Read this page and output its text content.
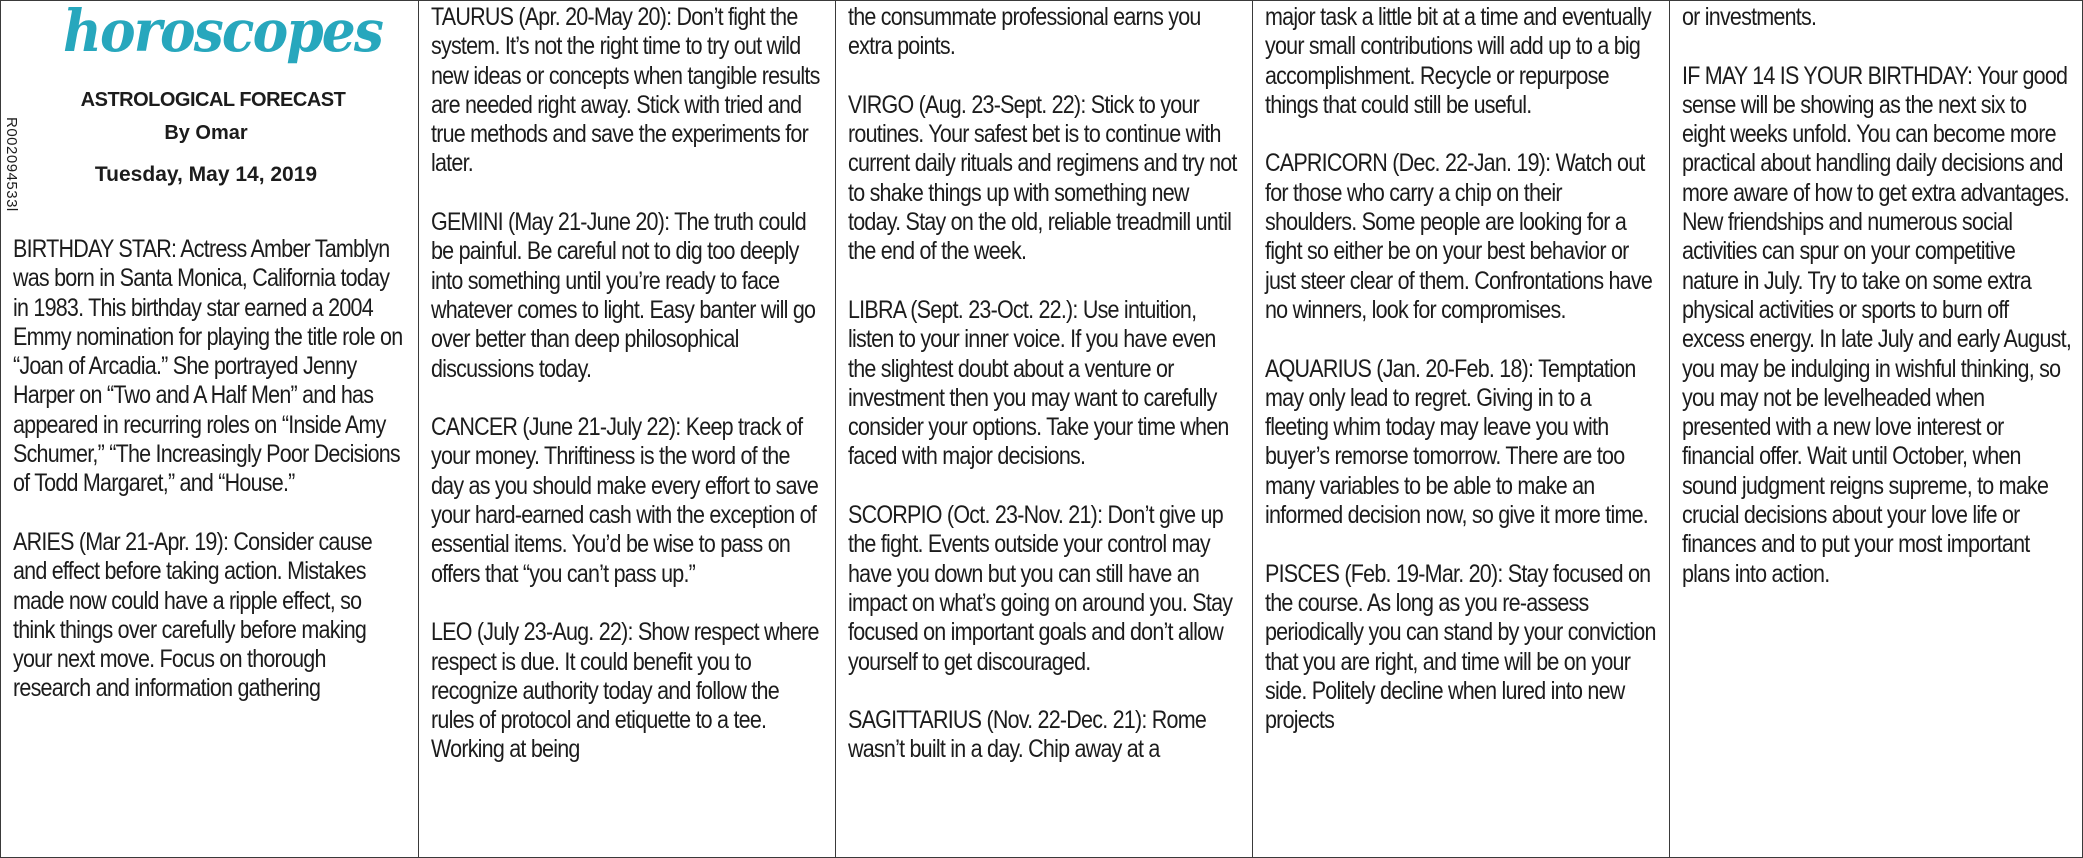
horoscopes
R002094533l
ASTROLOGICAL FORECAST
By Omar
Tuesday, May 14, 2019

BIRTHDAY STAR: Actress Amber Tamblyn was born in Santa Monica, California today in 1983. This birthday star earned a 2004 Emmy nomination for playing the title role on “Joan of Arcadia.” She portrayed Jenny Harper on “Two and A Half Men” and has appeared in recurring roles on “Inside Amy Schumer,” “The Increasingly Poor Decisions of Todd Margaret,” and “House.”

ARIES (Mar 21-Apr. 19): Consider cause and effect before taking action. Mistakes made now could have a ripple effect, so think things over carefully before making your next move. Focus on thorough research and information gathering

TAURUS (Apr. 20-May 20): Don’t fight the system. It’s not the right time to try out wild new ideas or concepts when tangible results are needed right away. Stick with tried and true methods and save the experiments for later.

GEMINI (May 21-June 20): The truth could be painful. Be careful not to dig too deeply into something until you’re ready to face whatever comes to light. Easy banter will go over better than deep philosophical discussions today.

CANCER (June 21-July 22): Keep track of your money. Thriftiness is the word of the day as you should make every effort to save your hard-earned cash with the exception of essential items. You’d be wise to pass on offers that “you can’t pass up.”

LEO (July 23-Aug. 22): Show respect where respect is due. It could benefit you to recognize authority today and follow the rules of protocol and etiquette to a tee. Working at being

the consummate professional earns you extra points.

VIRGO (Aug. 23-Sept. 22): Stick to your routines. Your safest bet is to continue with current daily rituals and regimens and try not to shake things up with something new today. Stay on the old, reliable treadmill until the end of the week.

LIBRA (Sept. 23-Oct. 22.): Use intuition, listen to your inner voice. If you have even the slightest doubt about a venture or investment then you may want to carefully consider your options. Take your time when faced with major decisions.

SCORPIO (Oct. 23-Nov. 21): Don’t give up the fight. Events outside your control may have you down but you can still have an impact on what’s going on around you. Stay focused on important goals and don’t allow yourself to get discouraged.

SAGITTARIUS (Nov. 22-Dec. 21): Rome wasn’t built in a day. Chip away at a

major task a little bit at a time and eventually your small contributions will add up to a big accomplishment. Recycle or repurpose things that could still be useful.

CAPRICORN (Dec. 22-Jan. 19): Watch out for those who carry a chip on their shoulders. Some people are looking for a fight so either be on your best behavior or just steer clear of them. Confrontations have no winners, look for compromises.

AQUARIUS (Jan. 20-Feb. 18): Temptation may only lead to regret. Giving in to a fleeting whim today may leave you with buyer’s remorse tomorrow. There are too many variables to be able to make an informed decision now, so give it more time.

PISCES (Feb. 19-Mar. 20): Stay focused on the course. As long as you re-assess periodically you can stand by your conviction that you are right, and time will be on your side. Politely decline when lured into new projects

or investments.

IF MAY 14 IS YOUR BIRTHDAY: Your good sense will be showing as the next six to eight weeks unfold. You can become more practical about handling daily decisions and more aware of how to get extra advantages. New friendships and numerous social activities can spur on your competitive nature in July. Try to take on some extra physical activities or sports to burn off excess energy. In late July and early August, you may be indulging in wishful thinking, so you may not be levelheaded when presented with a new love interest or financial offer. Wait until October, when sound judgment reigns supreme, to make crucial decisions about your love life or finances and to put your most important plans into action.
